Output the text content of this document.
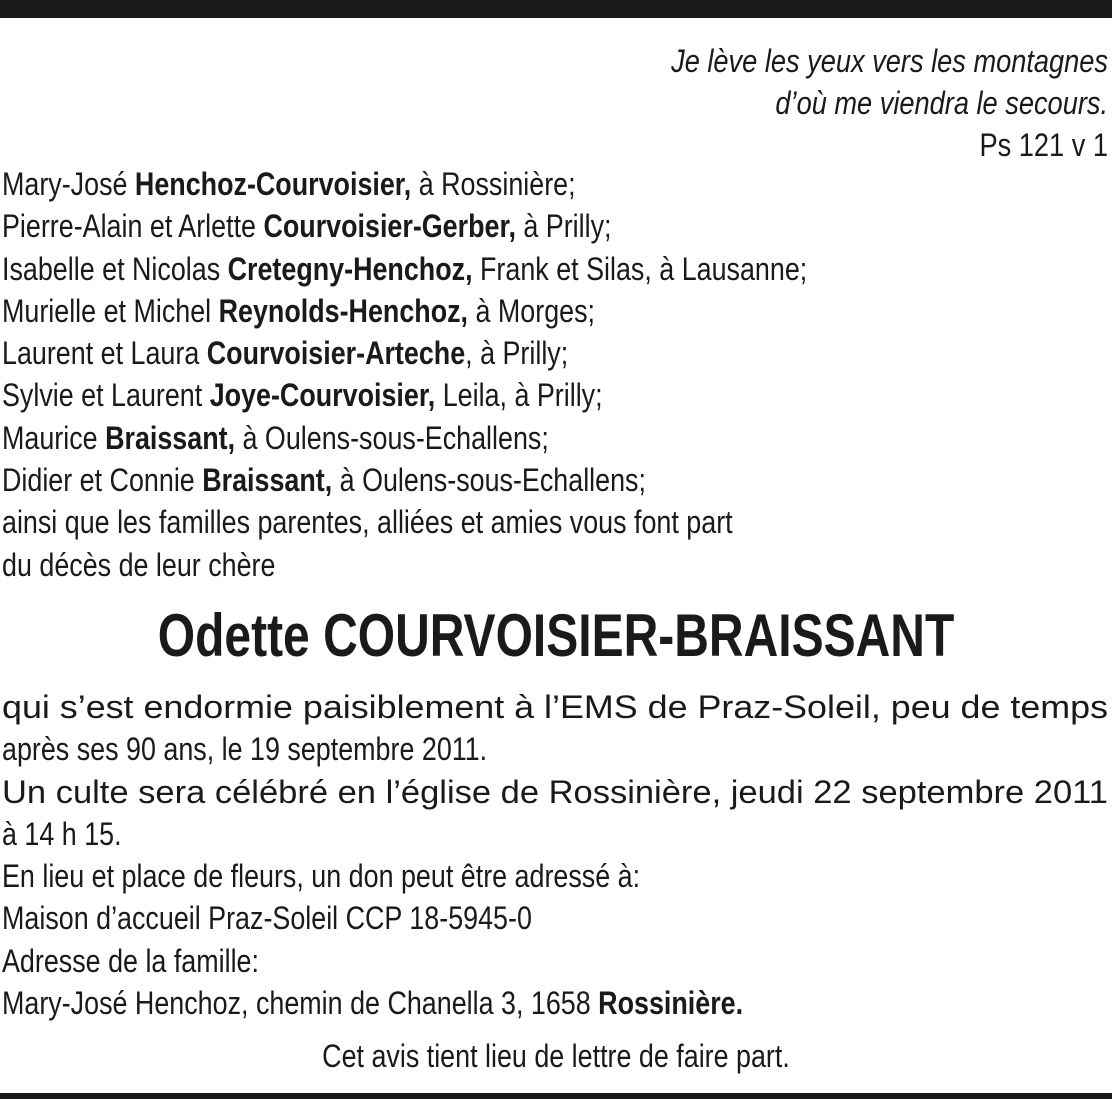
Je lève les yeux vers les montagnes
d’où me viendra le secours.
Ps 121 v 1
Mary-José Henchoz-Courvoisier, à Rossinière;
Pierre-Alain et Arlette Courvoisier-Gerber, à Prilly;
Isabelle et Nicolas Cretegny-Henchoz, Frank et Silas, à Lausanne;
Murielle et Michel Reynolds-Henchoz, à Morges;
Laurent et Laura Courvoisier-Arteche, à Prilly;
Sylvie et Laurent Joye-Courvoisier, Leila, à Prilly;
Maurice Braissant, à Oulens-sous-Echallens;
Didier et Connie Braissant, à Oulens-sous-Echallens;
ainsi que les familles parentes, alliées et amies vous font part
du décès de leur chère
Odette COURVOISIER-BRAISSANT
qui s’est endormie paisiblement à l’EMS de Praz-Soleil, peu de temps
après ses 90 ans, le 19 septembre 2011.
Un culte sera célébré en l’église de Rossinière, jeudi 22 septembre 2011
à 14 h 15.
En lieu et place de fleurs, un don peut être adressé à:
Maison d’accueil Praz-Soleil CCP 18-5945-0
Adresse de la famille:
Mary-José Henchoz, chemin de Chanella 3, 1658 Rossinière.
Cet avis tient lieu de lettre de faire part.
